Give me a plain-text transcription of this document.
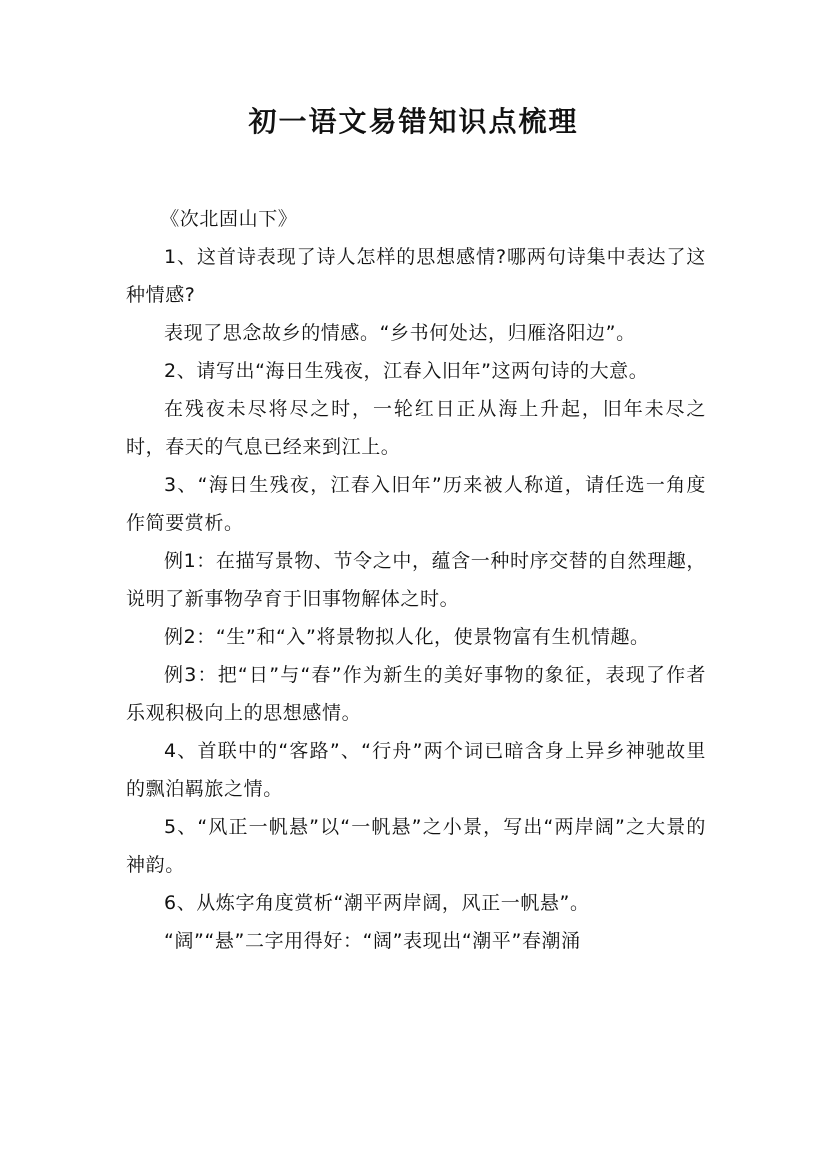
初一语文易错知识点梳理

《次北固山下》

1、这首诗表现了诗人怎样的思想感情?哪两句诗集中表达了这种情感?

表现了思念故乡的情感。“乡书何处达，归雁洛阳边”。

2、请写出“海日生残夜，江春入旧年”这两句诗的大意。

在残夜未尽将尽之时，一轮红日正从海上升起，旧年未尽之时，春天的气息已经来到江上。

3、“海日生残夜，江春入旧年”历来被人称道，请任选一角度作简要赏析。

例1：在描写景物、节令之中，蕴含一种时序交替的自然理趣，说明了新事物孕育于旧事物解体之时。

例2：“生”和“入”将景物拟人化，使景物富有生机情趣。

例3：把“日”与“春”作为新生的美好事物的象征，表现了作者乐观积极向上的思想感情。

4、首联中的“客路”、“行舟”两个词已暗含身上异乡神驰故里的飘泊羁旅之情。

5、“风正一帆悬”以“一帆悬”之小景，写出“两岸阔”之大景的神韵。

6、从炼字角度赏析“潮平两岸阔，风正一帆悬”。

“阔”“悬”二字用得好：“阔”表现出“潮平”春潮涌
